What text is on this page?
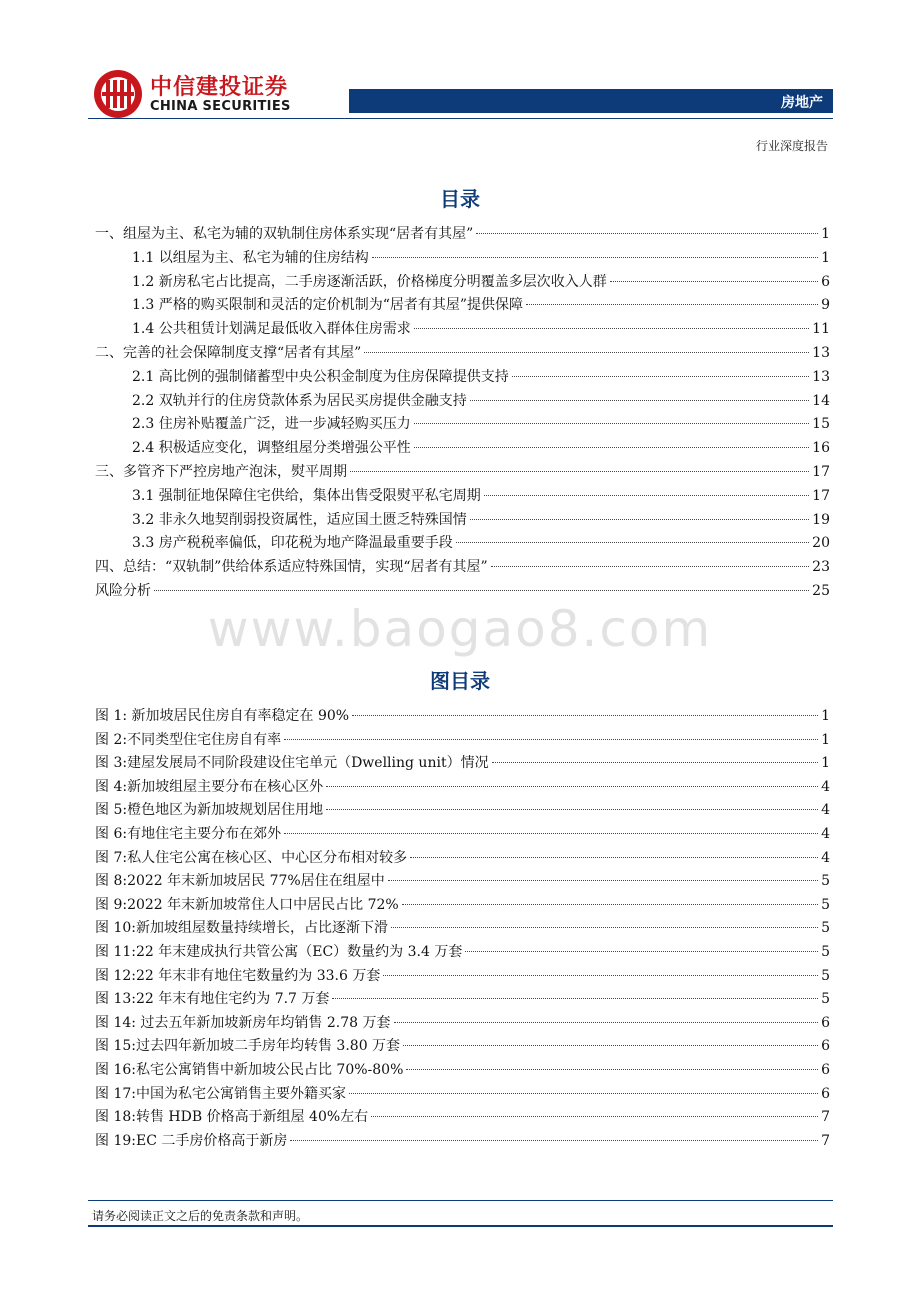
中信建投证券
CHINA SECURITIES	房地产
行业深度报告
目录
一、组屋为主、私宅为辅的双轨制住房体系实现“居者有其屋”	1
1.1 以组屋为主、私宅为辅的住房结构	1
1.2 新房私宅占比提高，二手房逐渐活跃，价格梯度分明覆盖多层次收入人群	6
1.3 严格的购买限制和灵活的定价机制为“居者有其屋”提供保障	9
1.4 公共租赁计划满足最低收入群体住房需求	11
二、完善的社会保障制度支撑“居者有其屋”	13
2.1 高比例的强制储蓄型中央公积金制度为住房保障提供支持	13
2.2 双轨并行的住房贷款体系为居民买房提供金融支持	14
2.3 住房补贴覆盖广泛，进一步减轻购买压力	15
2.4 积极适应变化，调整组屋分类增强公平性	16
三、多管齐下严控房地产泡沫，熨平周期	17
3.1 强制征地保障住宅供给，集体出售受限熨平私宅周期	17
3.2 非永久地契削弱投资属性，适应国土匮乏特殊国情	19
3.3 房产税税率偏低，印花税为地产降温最重要手段	20
四、总结：“双轨制”供给体系适应特殊国情，实现“居者有其屋”	23
风险分析	25
www.baogao8.com
图目录
图 1: 新加坡居民住房自有率稳定在 90%	1
图 2:不同类型住宅住房自有率	1
图 3:建屋发展局不同阶段建设住宅单元（Dwelling unit）情况	1
图 4:新加坡组屋主要分布在核心区外	4
图 5:橙色地区为新加坡规划居住用地	4
图 6:有地住宅主要分布在郊外	4
图 7:私人住宅公寓在核心区、中心区分布相对较多	4
图 8:2022 年末新加坡居民 77%居住在组屋中	5
图 9:2022 年末新加坡常住人口中居民占比 72%	5
图 10:新加坡组屋数量持续增长，占比逐渐下滑	5
图 11:22 年末建成执行共管公寓（EC）数量约为 3.4 万套	5
图 12:22 年末非有地住宅数量约为 33.6 万套	5
图 13:22 年末有地住宅约为 7.7 万套	5
图 14: 过去五年新加坡新房年均销售 2.78 万套	6
图 15:过去四年新加坡二手房年均转售 3.80 万套	6
图 16:私宅公寓销售中新加坡公民占比 70%-80%	6
图 17:中国为私宅公寓销售主要外籍买家	6
图 18:转售 HDB 价格高于新组屋 40%左右	7
图 19:EC 二手房价格高于新房	7
请务必阅读正文之后的免责条款和声明。
